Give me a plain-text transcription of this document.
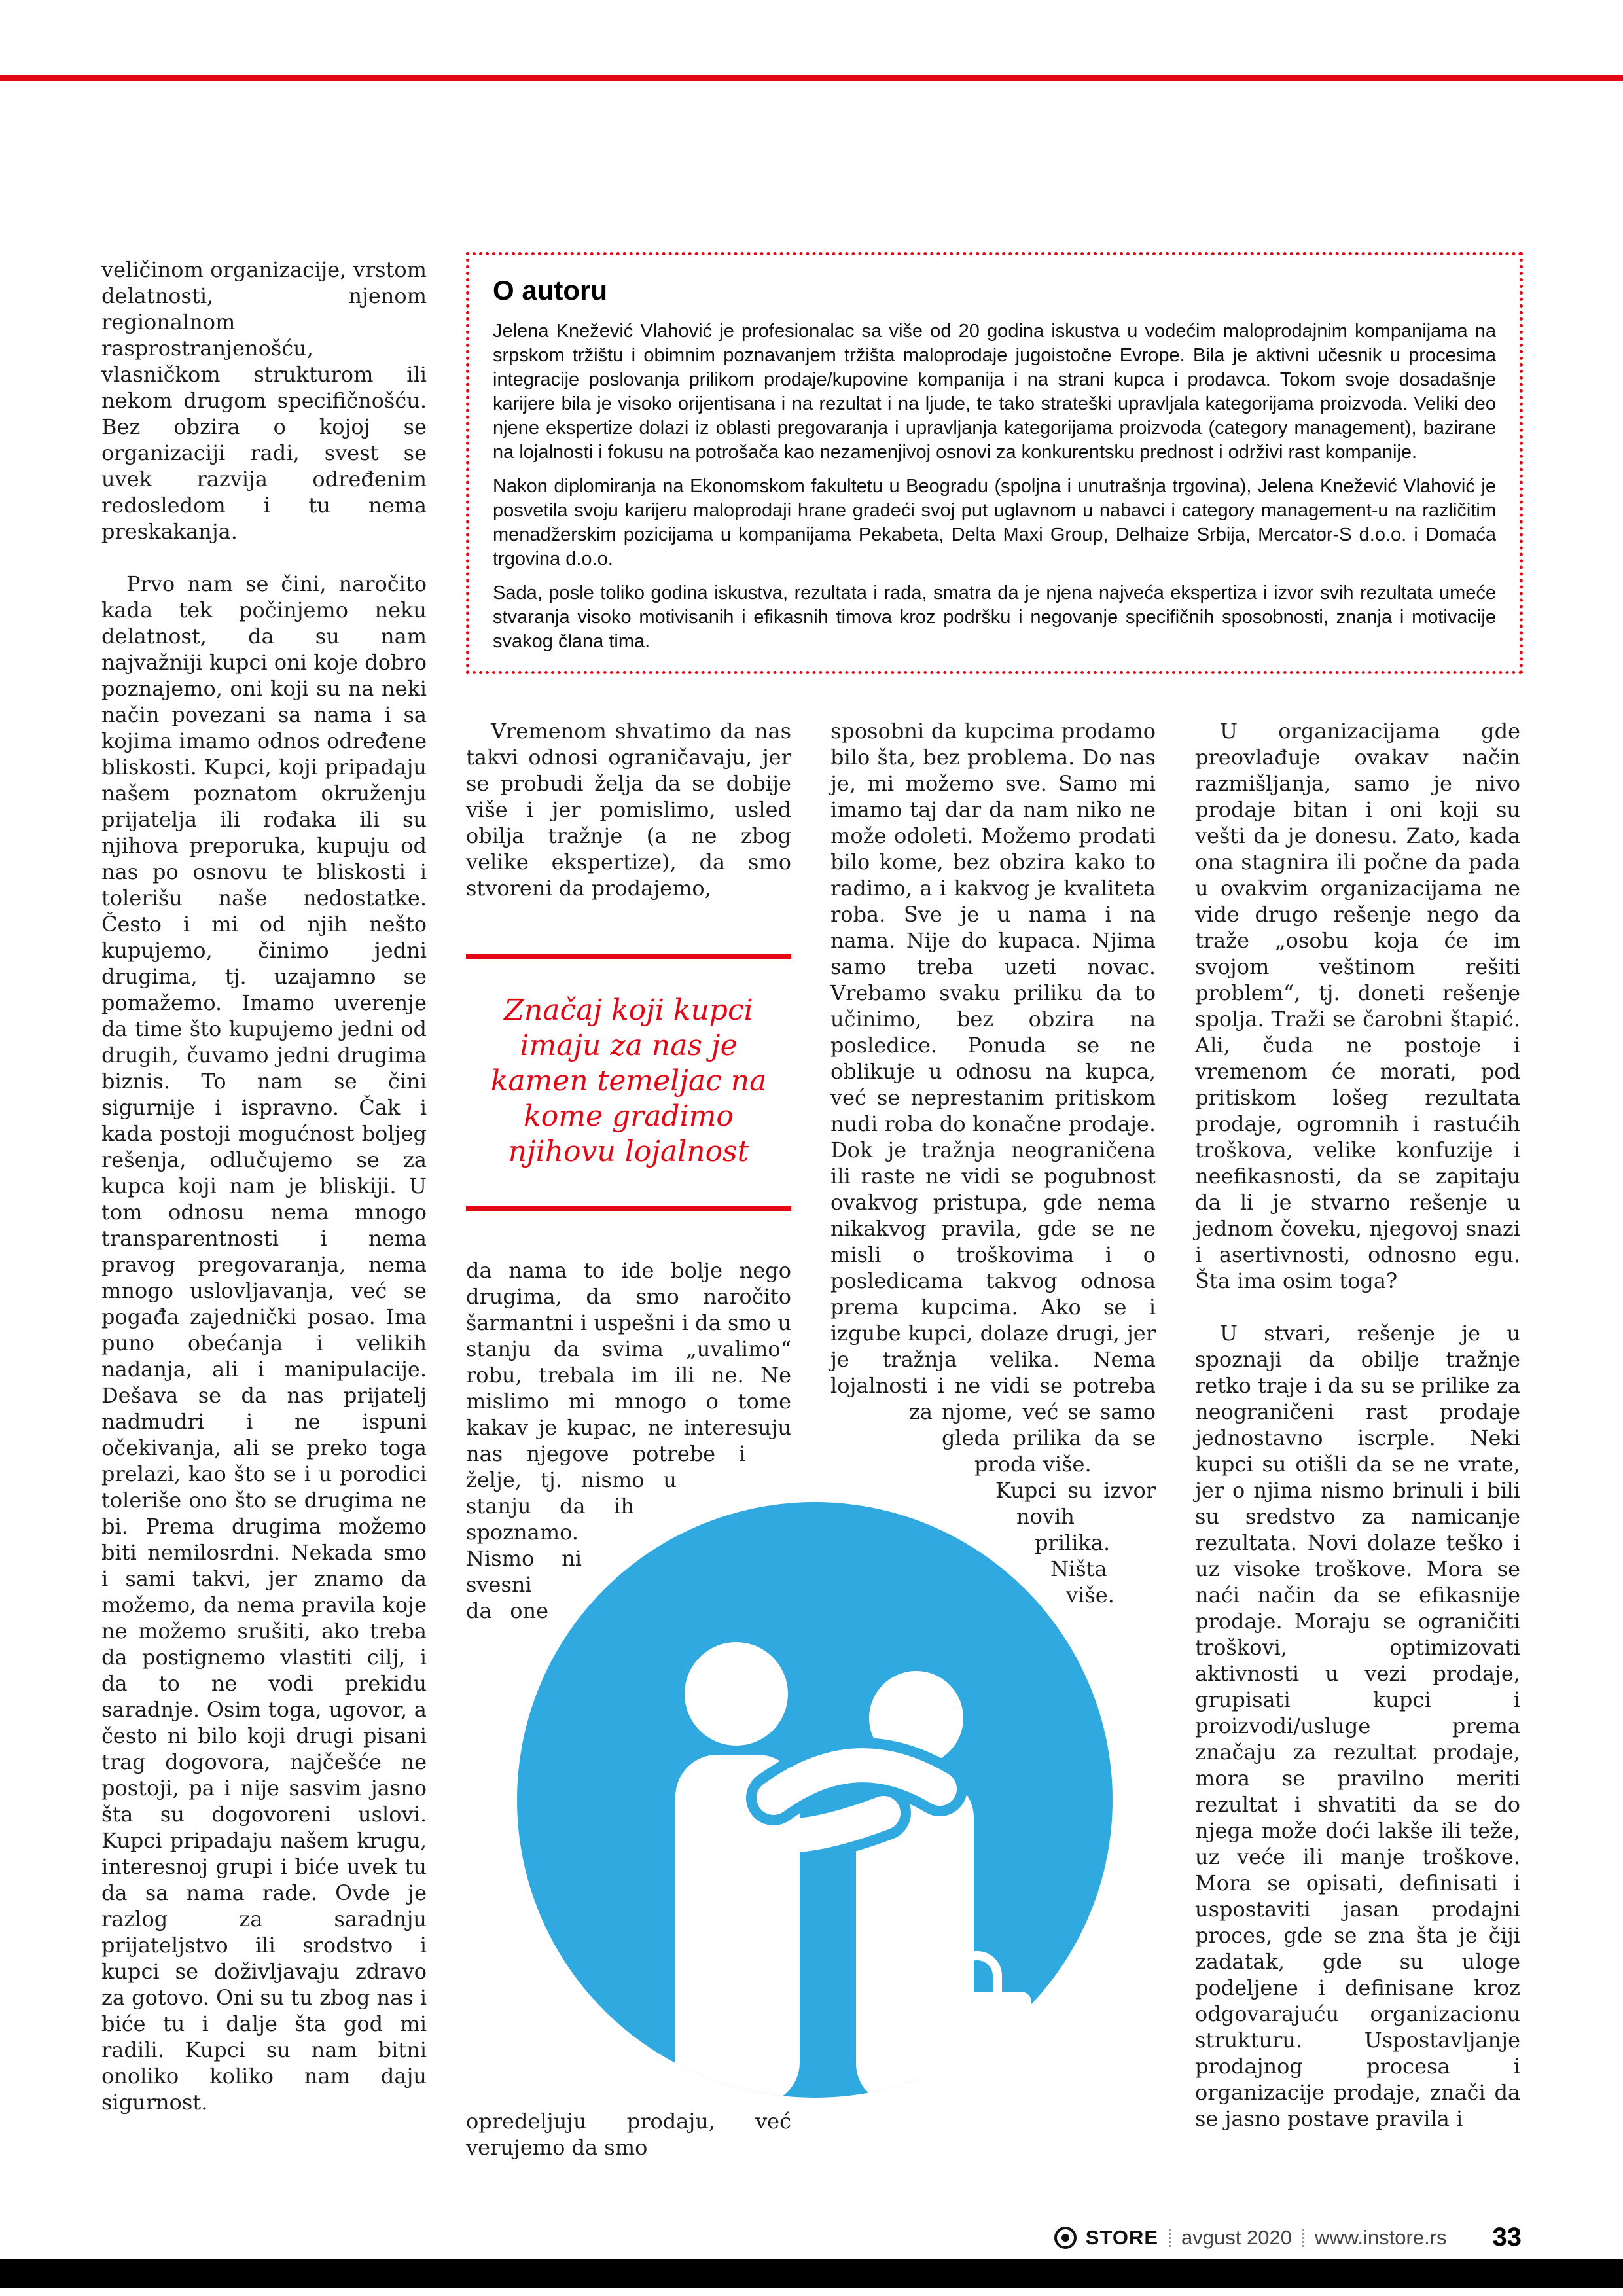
veličinom organizacije, vrstom delatnosti, njenom regionalnom rasprostranjenošću, vlasničkom strukturom ili nekom drugom specifičnošću. Bez obzira o kojoj se organizaciji radi, svest se uvek razvija određenim redosledom i tu nema preskakanja.

Prvo nam se čini, naročito kada tek počinjemo neku delatnost, da su nam najvažniji kupci oni koje dobro poznajemo, oni koji su na neki način povezani sa nama i sa kojima imamo odnos određene bliskosti. Kupci, koji pripadaju našem poznatom okruženju prijatelja ili rođaka ili su njihova preporuka, kupuju od nas po osnovu te bliskosti i tolerišu naše nedostatke. Često i mi od njih nešto kupujemo, činimo jedni drugima, tj. uzajamno se pomažemo. Imamo uverenje da time što kupujemo jedni od drugih, čuvamo jedni drugima biznis. To nam se čini sigurnije i ispravno. Čak i kada postoji mogućnost boljeg rešenja, odlučujemo se za kupca koji nam je bliskiji. U tom odnosu nema mnogo transparentnosti i nema pravog pregovaranja, nema mnogo uslovljavanja, već se pogađa zajednički posao. Ima puno obećanja i velikih nadanja, ali i manipulacije. Dešava se da nas prijatelj nadmudri i ne ispuni očekivanja, ali se preko toga prelazi, kao što se i u porodici toleriše ono što se drugima ne bi. Prema drugima možemo biti nemilosrdni. Nekada smo i sami takvi, jer znamo da možemo, da nema pravila koje ne možemo srušiti, ako treba da postignemo vlastiti cilj, i da to ne vodi prekidu saradnje. Osim toga, ugovor, a često ni bilo koji drugi pisani trag dogovora, najčešće ne postoji, pa i nije sasvim jasno šta su dogovoreni uslovi. Kupci pripadaju našem krugu, interesnoj grupi i biće uvek tu da sa nama rade. Ovde je razlog za saradnju prijateljstvo ili srodstvo i kupci se doživljavaju zdravo za gotovo. Oni su tu zbog nas i biće tu i dalje šta god mi radili. Kupci su nam bitni onoliko koliko nam daju sigurnost.

O autoru

Jelena Knežević Vlahović je profesionalac sa više od 20 godina iskustva u vodećim maloprodajnim kompanijama na srpskom tržištu i obimnim poznavanjem tržišta maloprodaje jugoistočne Evrope. Bila je aktivni učesnik u procesima integracije poslovanja prilikom prodaje/kupovine kompanija i na strani kupca i prodavca. Tokom svoje dosadašnje karijere bila je visoko orijentisana i na rezultat i na ljude, te tako strateški upravljala kategorijama proizvoda. Veliki deo njene ekspertize dolazi iz oblasti pregovaranja i upravljanja kategorijama proizvoda (category management), bazirane na lojalnosti i fokusu na potrošača kao nezamenjivoj osnovi za konkurentsku prednost i održivi rast kompanije.

Nakon diplomiranja na Ekonomskom fakultetu u Beogradu (spoljna i unutrašnja trgovina), Jelena Knežević Vlahović je posvetila svoju karijeru maloprodaji hrane gradeći svoj put uglavnom u nabavci i category management-u na različitim menadžerskim pozicijama u kompanijama Pekabeta, Delta Maxi Group, Delhaize Srbija, Mercator-S d.o.o. i Domaća trgovina d.o.o.

Sada, posle toliko godina iskustva, rezultata i rada, smatra da je njena najveća ekspertiza i izvor svih rezultata umeće stvaranja visoko motivisanih i efikasnih timova kroz podršku i negovanje specifičnih sposobnosti, znanja i motivacije svakog člana tima.

Vremenom shvatimo da nas takvi odnosi ograničavaju, jer se probudi želja da se dobije više i jer pomislimo, usled obilja tražnje (a ne zbog velike ekspertize), da smo stvoreni da prodajemo,

Značaj koji kupci imaju za nas je kamen temeljac na kome gradimo njihovu lojalnost

da nama to ide bolje nego drugima, da smo naročito šarmantni i uspešni i da smo u stanju da svima „uvalimo“ robu, trebala im ili ne. Ne mislimo mi mnogo o tome kakav je kupac, ne interesuju nas njegove potrebe i želje, tj. nismo u stanju da ih spoznamo. Nismo ni svesni da one opredeljuju prodaju, već verujemo da smo

sposobni da kupcima prodamo bilo šta, bez problema. Do nas je, mi možemo sve. Samo mi imamo taj dar da nam niko ne može odoleti. Možemo prodati bilo kome, bez obzira kako to radimo, a i kakvog je kvaliteta roba. Sve je u nama i na nama. Nije do kupaca. Njima samo treba uzeti novac. Vrebamo svaku priliku da to učinimo, bez obzira na posledice. Ponuda se ne oblikuje u odnosu na kupca, već se neprestanim pritiskom nudi roba do konačne prodaje. Dok je tražnja neograničena ili raste ne vidi se pogubnost ovakvog pristupa, gde nema nikakvog pravila, gde se ne misli o troškovima i o posledicama takvog odnosa prema kupcima. Ako se i izgube kupci, dolaze drugi, jer je tražnja velika. Nema lojalnosti i ne vidi se potreba za njome, već se samo gleda prilika da se proda više.

Kupci su izvor novih prilika. Ništa više.

U organizacijama gde preovlađuje ovakav način razmišljanja, samo je nivo prodaje bitan i oni koji su vešti da je donesu. Zato, kada ona stagnira ili počne da pada u ovakvim organizacijama ne vide drugo rešenje nego da traže „osobu koja će im svojom veštinom rešiti problem“, tj. doneti rešenje spolja. Traži se čarobni štapić. Ali, čuda ne postoje i vremenom će morati, pod pritiskom lošeg rezultata prodaje, ogromnih i rastućih troškova, velike konfuzije i neefikasnosti, da se zapitaju da li je stvarno rešenje u jednom čoveku, njegovoj snazi i asertivnosti, odnosno egu. Šta ima osim toga?

U stvari, rešenje je u spoznaji da obilje tražnje retko traje i da su se prilike za neograničeni rast prodaje jednostavno iscrple. Neki kupci su otišli da se ne vrate, jer o njima nismo brinuli i bili su sredstvo za namicanje rezultata. Novi dolaze teško i uz visoke troškove. Mora se naći način da se efikasnije prodaje. Moraju se ograničiti troškovi, optimizovati aktivnosti u vezi prodaje, grupisati kupci i proizvodi/usluge prema značaju za rezultat prodaje, mora se pravilno meriti rezultat i shvatiti da se do njega može doći lakše ili teže, uz veće ili manje troškove. Mora se opisati, definisati i uspostaviti jasan prodajni proces, gde se zna šta je čiji zadatak, gde su uloge podeljene i definisane kroz odgovarajuću organizacionu strukturu. Uspostavljanje prodajnog procesa i organizacije prodaje, znači da se jasno postave pravila i

STORE avgust 2020 www.instore.rs 33
